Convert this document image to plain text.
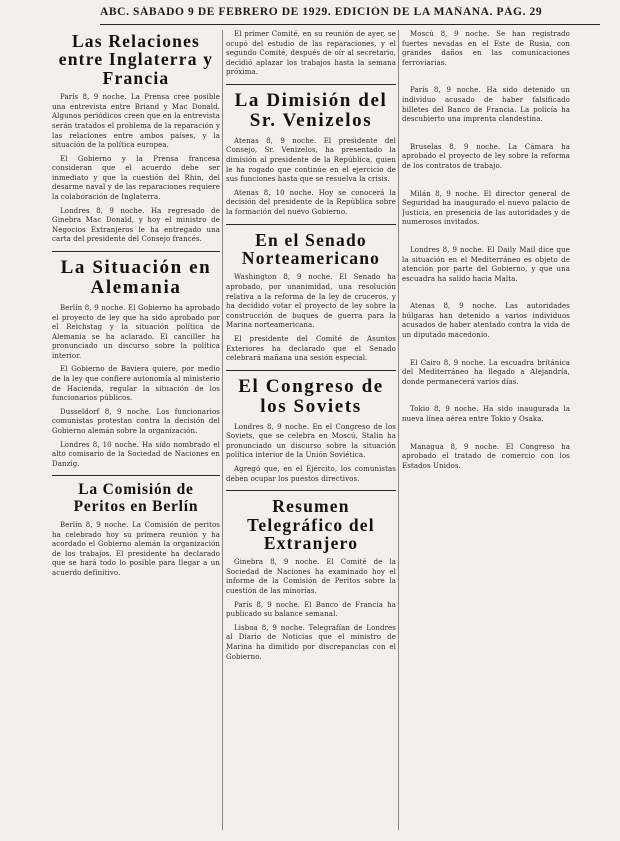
ABC. SÁBADO 9 DE FEBRERO DE 1929. EDICIÓN DE LA MAÑANA. PÁG. 29
Las Relaciones entre Inglaterra y Francia

París 8, 9 noche. La Prensa cree posible una entrevista entre Briand y Mac Donald. Algunos periódicos creen que en la entrevista serán tratados el problema de la reparación y las relaciones entre ambos países, y la situación de la política europea.

El Gobierno y la Prensa francesa consideran que el acuerdo debe ser inmediato y que la cuestión del Rhin, del desarme naval y de las reparaciones requiere la colaboración de Inglaterra.

Londres 8, 9 noche. Ha regresado de Ginebra Mac Donald, y hoy el ministro de Negocios Extranjeros le ha entregado una carta del presidente del Consejo francés.

La Situación en Alemania

Berlín 8, 9 noche. El Gobierno ha aprobado el proyecto de ley que ha sido aprobado por el Reichstag y la situación política de Alemania se ha aclarado. El canciller ha pronunciado un discurso sobre la política interior.

El Gobierno de Baviera quiere, por medio de la ley que confiere autonomía al ministerio de Hacienda, regular la situación de los funcionarios públicos.

Dusseldorf 8, 9 noche. Los funcionarios comunistas protestan contra la decisión del Gobierno alemán sobre la organización.

Londres 8, 10 noche. Ha sido nombrado el alto comisario de la Sociedad de Naciones en Danzig.

La Comisión de Peritos en Berlín

Berlín 8, 9 noche. La Comisión de peritos ha celebrado hoy su primera reunión y ha acordado el Gobierno alemán la organización de los trabajos. El presidente ha declarado que se hará todo lo posible para llegar a un acuerdo definitivo.

El primer Comité, en su reunión de ayer, se ocupó del estudio de las reparaciones, y el segundo Comité, después de oír al secretario, decidió aplazar los trabajos hasta la semana próxima.

La Dimisión del Sr. Venizelos

Atenas 8, 9 noche. El presidente del Consejo, Sr. Venizelos, ha presentado la dimisión al presidente de la República, quien le ha rogado que continúe en el ejercicio de sus funciones hasta que se resuelva la crisis.

Atenas 8, 10 noche. Hoy se conocerá la decisión del presidente de la República sobre la formación del nuevo Gobierno.

En el Senado Norteamericano

Washington 8, 9 noche. El Senado ha aprobado, por unanimidad, una resolución relativa a la reforma de la ley de cruceros, y ha decidido votar el proyecto de ley sobre la construcción de buques de guerra para la Marina norteamericana.

El presidente del Comité de Asuntos Exteriores ha declarado que el Senado celebrará mañana una sesión especial.

El Congreso de los Soviets

Londres 8, 9 noche. En el Congreso de los Soviets, que se celebra en Moscú, Stalin ha pronunciado un discurso sobre la situación política interior de la Unión Soviética.

Agregó que, en el Ejército, los comunistas deben ocupar los puestos directivos.

Resumen Telegráfico del Extranjero

Ginebra 8, 9 noche. El Comité de la Sociedad de Naciones ha examinado hoy el informe de la Comisión de Peritos sobre la cuestión de las minorías.

París 8, 9 noche. El Banco de Francia ha publicado su balance semanal.

Lisboa 8, 9 noche. Telegrafían de Londres al Diario de Noticias que el ministro de Marina ha dimitido por discrepancias con el Gobierno.

Moscú 8, 9 noche. Se han registrado fuertes nevadas en el Este de Rusia, con grandes daños en las comunicaciones ferroviarias.

París 8, 9 noche. Ha sido detenido un individuo acusado de haber falsificado billetes del Banco de Francia. La policía ha descubierto una imprenta clandestina.

Bruselas 8, 9 noche. La Cámara ha aprobado el proyecto de ley sobre la reforma de los contratos de trabajo.

Milán 8, 9 noche. El director general de Seguridad ha inaugurado el nuevo palacio de Justicia, en presencia de las autoridades y de numerosos invitados.

Londres 8, 9 noche. El Daily Mail dice que la situación en el Mediterráneo es objeto de atención por parte del Gobierno, y que una escuadra ha salido hacia Malta.

Atenas 8, 9 noche. Las autoridades búlgaras han detenido a varios individuos acusados de haber atentado contra la vida de un diputado macedonio.

El Cairo 8, 9 noche. La escuadra británica del Mediterráneo ha llegado a Alejandría, donde permanecerá varios días.

Tokio 8, 9 noche. Ha sido inaugurada la nueva línea aérea entre Tokio y Osaka.

Managua 8, 9 noche. El Congreso ha aprobado el tratado de comercio con los Estados Unidos.
